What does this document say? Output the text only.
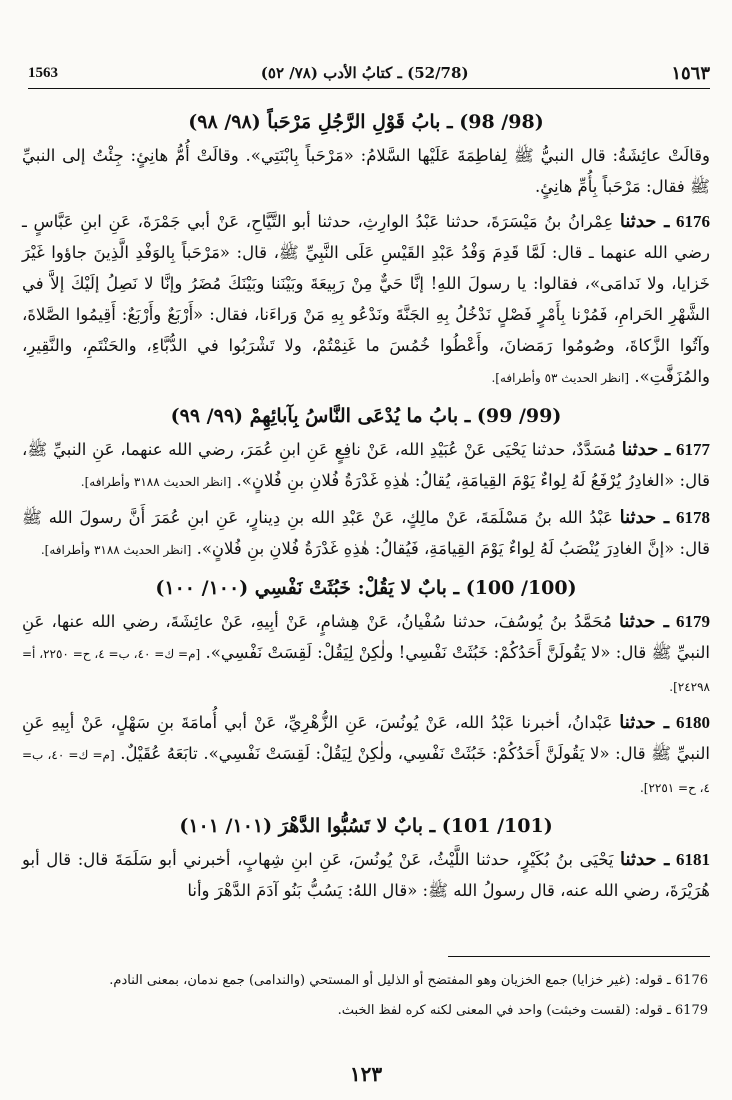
1563	(52/78) ـ كتابُ الأدب (٧٨/ ٥٢)	١٥٦٣

(98/ 98) ـ بابُ قَوْلِ الرَّجُلِ مَرْحَباً (٩٨/ ٩٨)

وقالَتْ عائِشَةُ: قال النبيُّ ﷺ لِفاطِمَةَ عَلَيْها السَّلامُ: «مَرْحَباً بِابْنَتِي». وقالَتْ أُمُّ هانِئٍ: جِئْتُ إلى النبيِّ ﷺ فقال: مَرْحَباً بِأُمِّ هانِئٍ.

6176 ـ حدثنا عِمْرانُ بنُ مَيْسَرَةَ، حدثنا عَبْدُ الوارِثِ، حدثنا أبو التَّيَّاحِ، عَنْ أبي جَمْرَةَ، عَنِ ابنِ عَبَّاسٍ ـ رضي الله عنهما ـ قال: لَمَّا قَدِمَ وَفْدُ عَبْدِ القَيْسِ عَلَى النَّبِيِّ ﷺ، قال: «مَرْحَباً بِالوَفْدِ الَّذِينَ جاؤوا غَيْرَ خَزايا، ولا نَدامَى»، فقالوا: يا رسولَ اللهِ! إنَّا حَيٌّ مِنْ رَبِيعَةَ وبَيْنَنا وبَيْنَكَ مُضَرُ وإنَّا لا نَصِلُ إلَيْكَ إلاَّ في الشَّهْرِ الحَرامِ، فَمُرْنا بِأَمْرٍ فَصْلٍ نَدْخُلُ بِهِ الجَنَّةَ ونَدْعُو بِهِ مَنْ وَراءَنا، فقال: «أَرْبَعٌ وأَرْبَعٌ: أَقِيمُوا الصَّلاةَ، وآتُوا الزَّكاةَ، وصُومُوا رَمَضانَ، وأَعْطُوا خُمُسَ ما غَنِمْتُمْ، ولا تَشْرَبُوا في الدُّبَّاءِ، والحَنْتَمِ، والنَّقِيرِ، والمُزَفَّتِ». [انظر الحديث ٥٣ وأطرافه].

(99/ 99) ـ بابُ ما يُدْعَى النَّاسُ بِآبائِهِمْ (٩٩/ ٩٩)

6177 ـ حدثنا مُسَدَّدٌ، حدثنا يَحْيَى عَنْ عُبَيْدِ الله، عَنْ نافِعٍ عَنِ ابنِ عُمَرَ، رضي الله عنهما، عَنِ النبيِّ ﷺ، قال: «الغادِرُ يُرْفَعُ لَهُ لِواءٌ يَوْمَ القِيامَةِ، يُقالُ: هٰذِهِ غَدْرَةُ فُلانِ بنِ فُلانٍ». [انظر الحديث ٣١٨٨ وأطرافه].

6178 ـ حدثنا عَبْدُ الله بنُ مَسْلَمَةَ، عَنْ مالِكٍ، عَنْ عَبْدِ الله بنِ دِينارٍ، عَنِ ابنِ عُمَرَ أَنَّ رسولَ الله ﷺ قال: «إنَّ الغادِرَ يُنْصَبُ لَهُ لِواءٌ يَوْمَ القِيامَةِ، فَيُقالُ: هٰذِهِ غَدْرَةُ فُلانِ بنِ فُلانٍ». [انظر الحديث ٣١٨٨ وأطرافه].

(100/ 100) ـ بابٌ لا يَقُلْ: خَبُثَتْ نَفْسِي (١٠٠/ ١٠٠)

6179 ـ حدثنا مُحَمَّدُ بنُ يُوسُفَ، حدثنا سُفْيانُ، عَنْ هِشامٍ، عَنْ أبِيهِ، عَنْ عائِشَةَ، رضي الله عنها، عَنِ النبيِّ ﷺ قال: «لا يَقُولَنَّ أَحَدُكُمْ: خَبُثَتْ نَفْسِي! ولٰكِنْ لِيَقُلْ: لَقِسَتْ نَفْسِي». [م= ك= ٤٠، ب= ٤، ح= ٢٢٥٠، أ= ٢٤٢٩٨].

6180 ـ حدثنا عَبْدانُ، أخبرنا عَبْدُ الله، عَنْ يُونُسَ، عَنِ الزُّهْرِيِّ، عَنْ أبي أُمامَةَ بنِ سَهْلٍ، عَنْ أبِيهِ عَنِ النبيِّ ﷺ قال: «لا يَقُولَنَّ أَحَدُكُمْ: خَبُثَتْ نَفْسِي، ولٰكِنْ لِيَقُلْ: لَقِسَتْ نَفْسِي». تابَعَهُ عُقَيْلٌ. [م= ك= ٤٠، ب= ٤، ح= ٢٢٥١].

(101/ 101) ـ بابٌ لا تَسُبُّوا الدَّهْرَ (١٠١/ ١٠١)

6181 ـ حدثنا يَحْيَى بنُ بُكَيْرٍ، حدثنا اللَّيْثُ، عَنْ يُونُسَ، عَنِ ابنِ شِهابٍ، أخبرني أبو سَلَمَةَ قال: قال أبو هُرَيْرَةَ، رضي الله عنه، قال رسولُ الله ﷺ: «قال اللهُ: يَسُبُّ بَنُو آدَمَ الدَّهْرَ وأنا

6176 ـ قوله: (غير خزايا) جمع الخزيان وهو المفتضح أو الذليل أو المستحي (والندامى) جمع ندمان، بمعنى النادم.

6179 ـ قوله: (لقست وخبثت) واحد في المعنى لكنه كره لفظ الخبث.

١٢٣
